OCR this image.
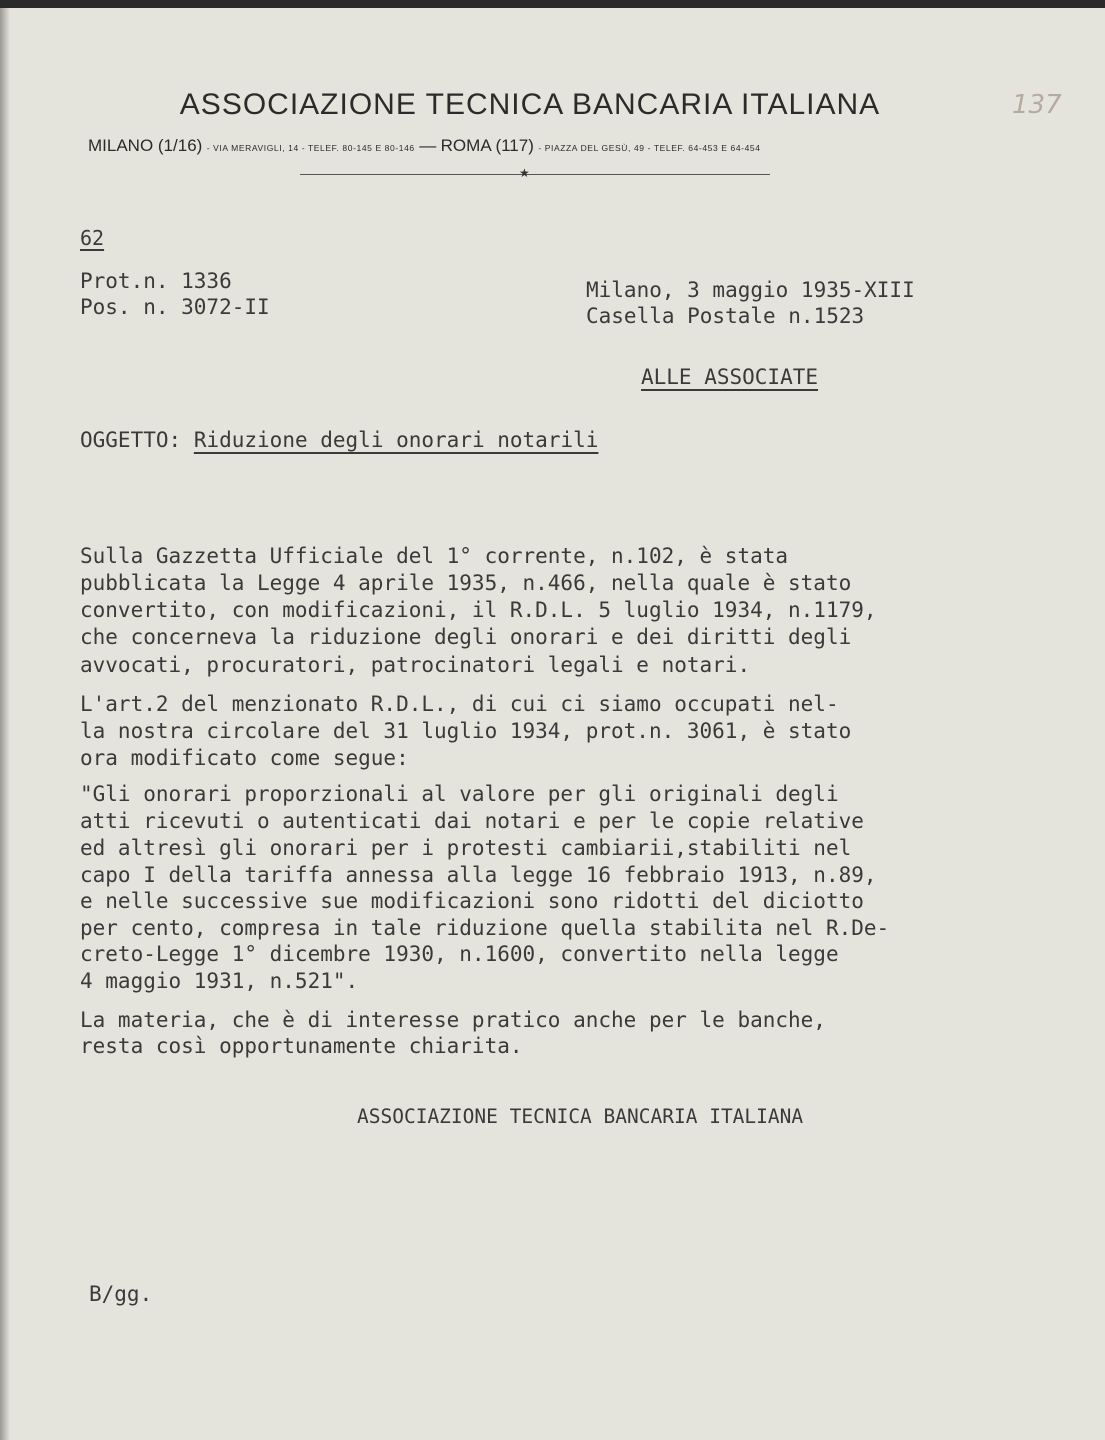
ASSOCIAZIONE TECNICA BANCARIA ITALIANA
MILANO (1/16) - VIA MERAVIGLI, 14 - TELEF. 80-145 E 80-146 — ROMA (117) - PIAZZA DEL GESÙ, 49 - TELEF. 64-453 E 64-454
★
137
62
Prot.n. 1336
Pos. n. 3072-II
Milano, 3 maggio 1935-XIII
Casella Postale n.1523
ALLE ASSOCIATE
OGGETTO: Riduzione degli onorari notarili
Sulla Gazzetta Ufficiale del 1° corrente, n.102, è stata
pubblicata la Legge 4 aprile 1935, n.466, nella quale è stato
convertito, con modificazioni, il R.D.L. 5 luglio 1934, n.1179,
che concerneva la riduzione degli onorari e dei diritti degli
avvocati, procuratori, patrocinatori legali e notari.
L'art.2 del menzionato R.D.L., di cui ci siamo occupati nel-
la nostra circolare del 31 luglio 1934, prot.n. 3061, è stato
ora modificato come segue:
"Gli onorari proporzionali al valore per gli originali degli
atti ricevuti o autenticati dai notari e per le copie relative
ed altresì gli onorari per i protesti cambiarii,stabiliti nel
capo I della tariffa annessa alla legge 16 febbraio 1913, n.89,
e nelle successive sue modificazioni sono ridotti del diciotto
per cento, compresa in tale riduzione quella stabilita nel R.De-
creto-Legge 1° dicembre 1930, n.1600, convertito nella legge
4 maggio 1931, n.521".
La materia, che è di interesse pratico anche per le banche,
resta così opportunamente chiarita.
ASSOCIAZIONE TECNICA BANCARIA ITALIANA
B/gg.
